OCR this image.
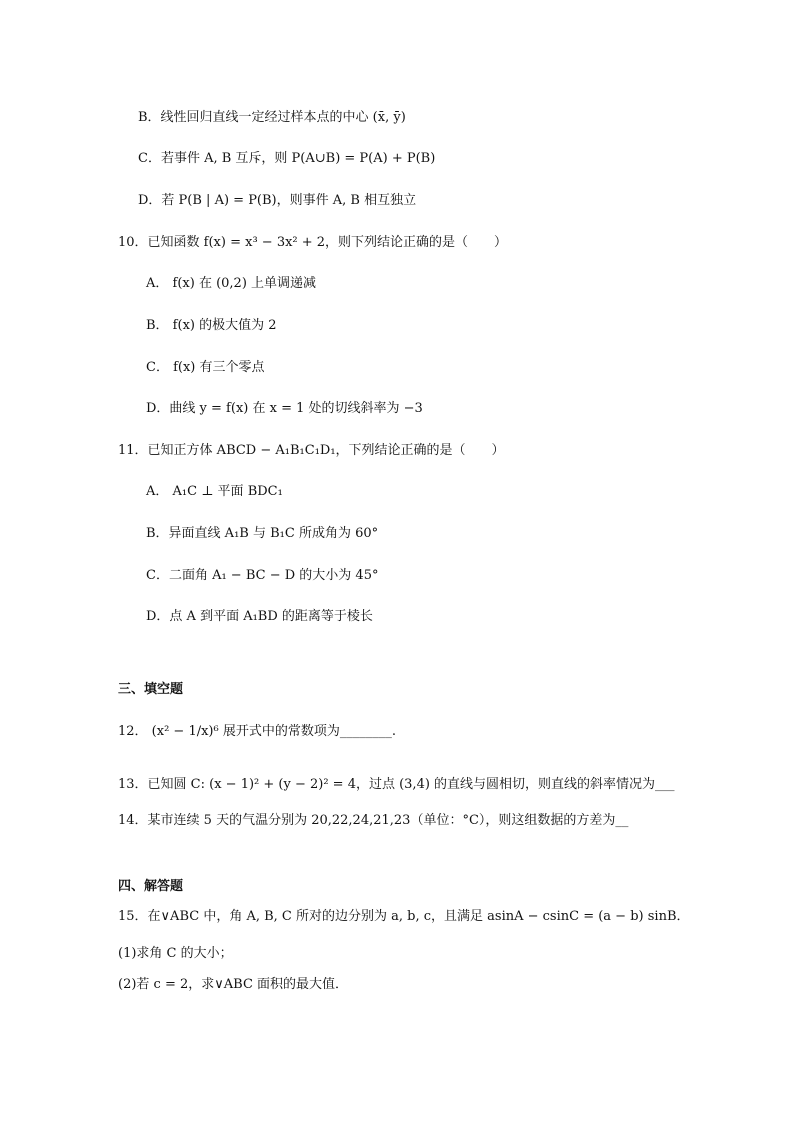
B．线性回归直线一定经过样本点的中心 (x̄, ȳ)
C．若事件 A, B 互斥，则 P(A∪B) = P(A) + P(B)
D．若 P(B | A) = P(B)，则事件 A, B 相互独立
10．已知函数 f(x) = x³ − 3x² + 2，则下列结论正确的是（　　）
A． f(x) 在 (0,2) 上单调递减
B． f(x) 的极大值为 2
C． f(x) 有三个零点
D．曲线 y = f(x) 在 x = 1 处的切线斜率为 −3
11．已知正方体 ABCD − A₁B₁C₁D₁，下列结论正确的是（　　）
A． A₁C ⊥ 平面 BDC₁
B．异面直线 A₁B 与 B₁C 所成角为 60°
C．二面角 A₁ − BC − D 的大小为 45°
D．点 A 到平面 A₁BD 的距离等于棱长
三、填空题
12． (x² − 1/x)⁶ 展开式中的常数项为________.
13．已知圆 C: (x − 1)² + (y − 2)² = 4，过点 (3,4) 的直线与圆相切，则直线的斜率情况为___
14．某市连续 5 天的气温分别为 20,22,24,21,23（单位：°C），则这组数据的方差为__
四、解答题
15．在∨ABC 中，角 A, B, C 所对的边分别为 a, b, c，且满足 asinA − csinC = (a − b) sinB．
(1)求角 C 的大小；
(2)若 c = 2，求∨ABC 面积的最大值．
